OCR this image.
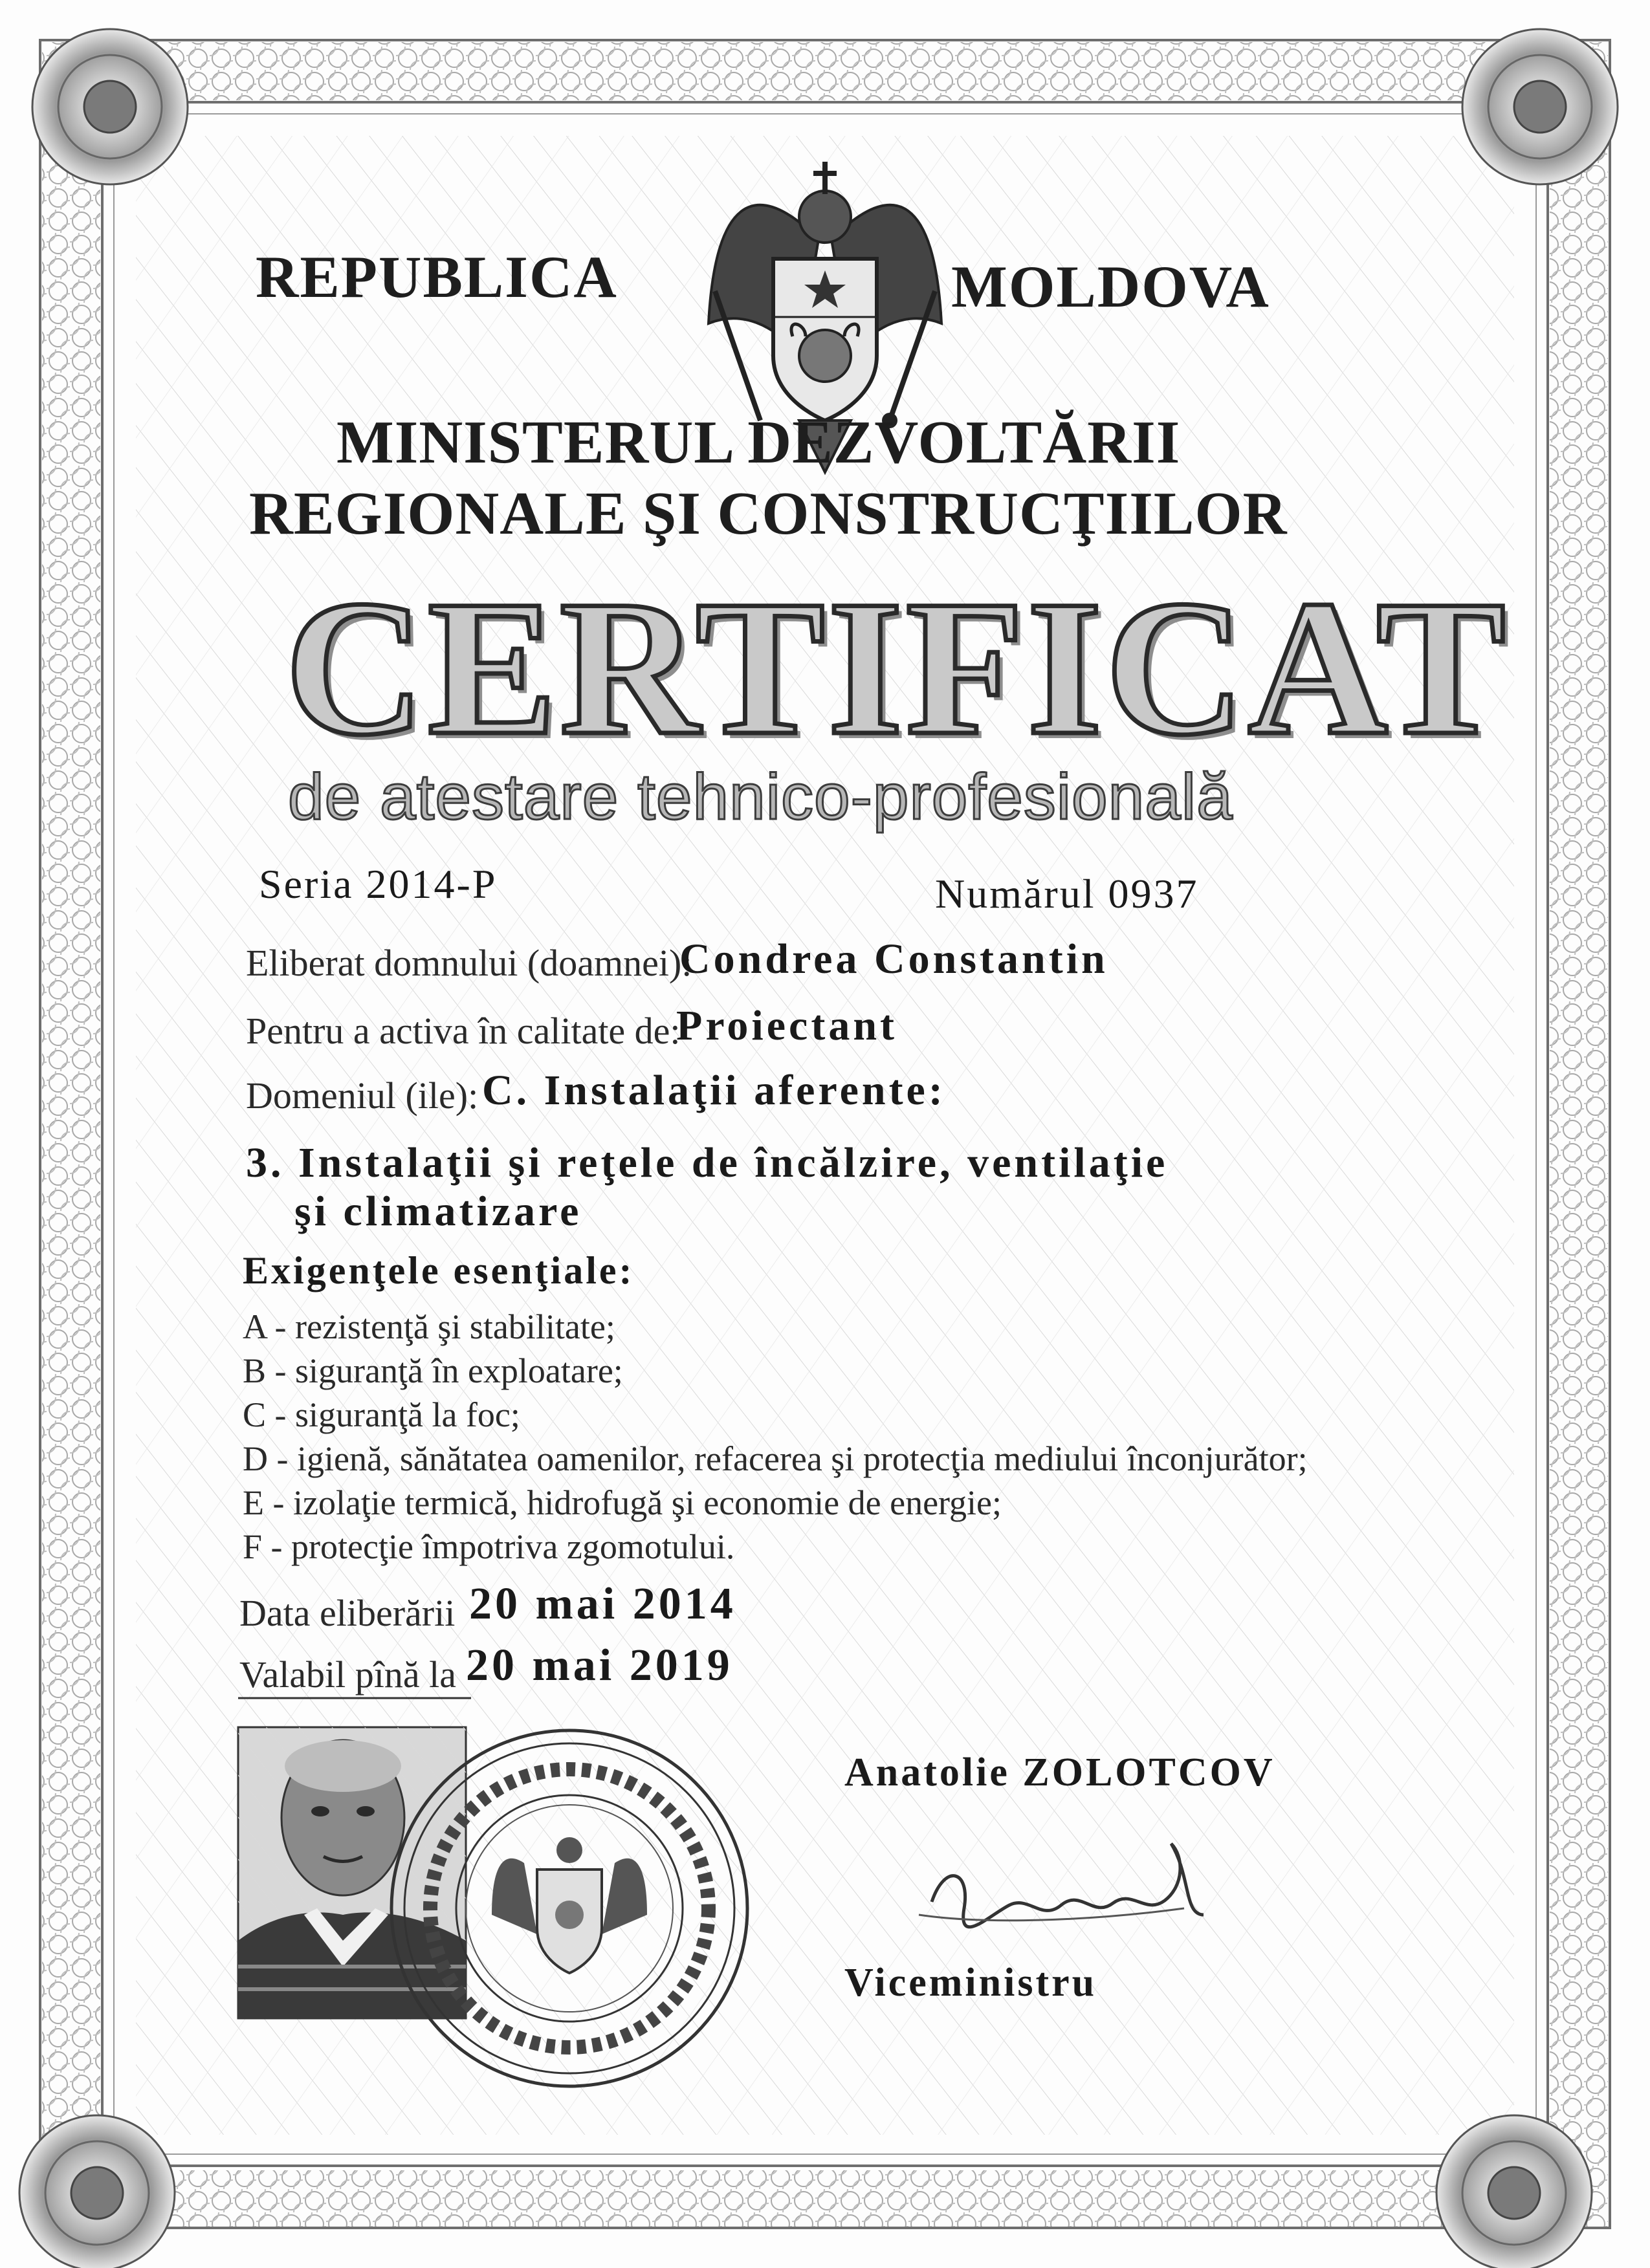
REPUBLICA	MOLDOVA
MINISTERUL DEZVOLTĂRII
REGIONALE ŞI CONSTRUCŢIILOR
CERTIFICAT
de atestare tehnico-profesională
Seria 2014-P	Numărul 0937
Eliberat domnului (doamnei):
Condrea Constantin
Pentru a activa în calitate de:
Proiectant
Domeniul (ile): C. Instalaţii aferente:
3. Instalaţii şi reţele de încălzire, ventilaţie
şi climatizare
Exigenţele esenţiale:
A - rezistenţă şi stabilitate;
B - siguranţă în exploatare;
C - siguranţă la foc;
D - igienă, sănătatea oamenilor, refacerea şi protecţia mediului înconjurător;
E - izolaţie termică, hidrofugă şi economie de energie;
F - protecţie împotriva zgomotului.
Data eliberării 20 mai 2014
Valabil pînă la 20 mai 2019
Anatolie ZOLOTCOV
Viceministru
